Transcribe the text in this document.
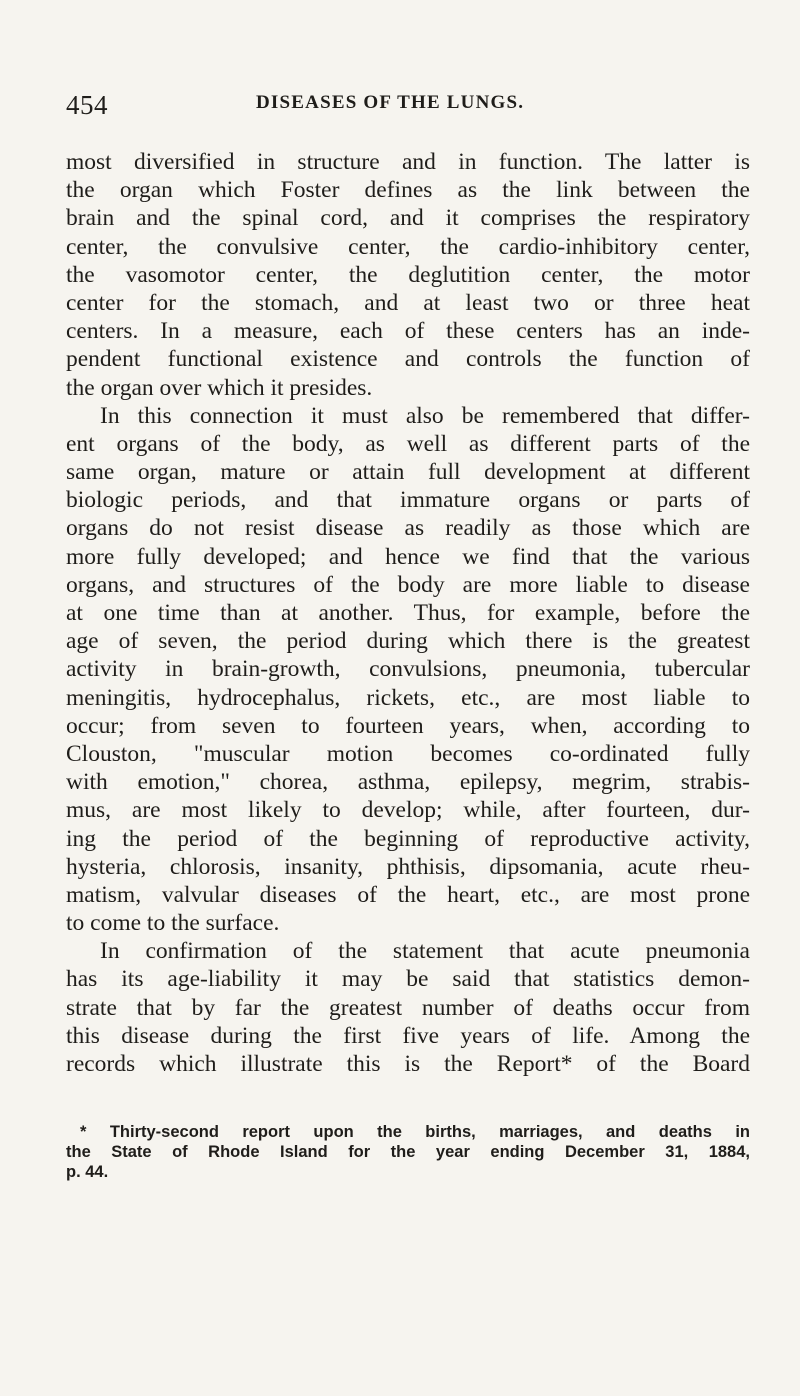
454	DISEASES OF THE LUNGS.
most diversified in structure and in function. The latter is
the organ which Foster defines as the link between the
brain and the spinal cord, and it comprises the respiratory
center, the convulsive center, the cardio-inhibitory center,
the vasomotor center, the deglutition center, the motor
center for the stomach, and at least two or three heat
centers. In a measure, each of these centers has an inde-
pendent functional existence and controls the function of
the organ over which it presides.
In this connection it must also be remembered that differ-
ent organs of the body, as well as different parts of the
same organ, mature or attain full development at different
biologic periods, and that immature organs or parts of
organs do not resist disease as readily as those which are
more fully developed; and hence we find that the various
organs, and structures of the body are more liable to disease
at one time than at another. Thus, for example, before the
age of seven, the period during which there is the greatest
activity in brain-growth, convulsions, pneumonia, tubercular
meningitis, hydrocephalus, rickets, etc., are most liable to
occur; from seven to fourteen years, when, according to
Clouston, "muscular motion becomes co-ordinated fully
with emotion," chorea, asthma, epilepsy, megrim, strabis-
mus, are most likely to develop; while, after fourteen, dur-
ing the period of the beginning of reproductive activity,
hysteria, chlorosis, insanity, phthisis, dipsomania, acute rheu-
matism, valvular diseases of the heart, etc., are most prone
to come to the surface.
In confirmation of the statement that acute pneumonia
has its age-liability it may be said that statistics demon-
strate that by far the greatest number of deaths occur from
this disease during the first five years of life. Among the
records which illustrate this is the Report* of the Board
* Thirty-second report upon the births, marriages, and deaths in
the State of Rhode Island for the year ending December 31, 1884,
p. 44.
